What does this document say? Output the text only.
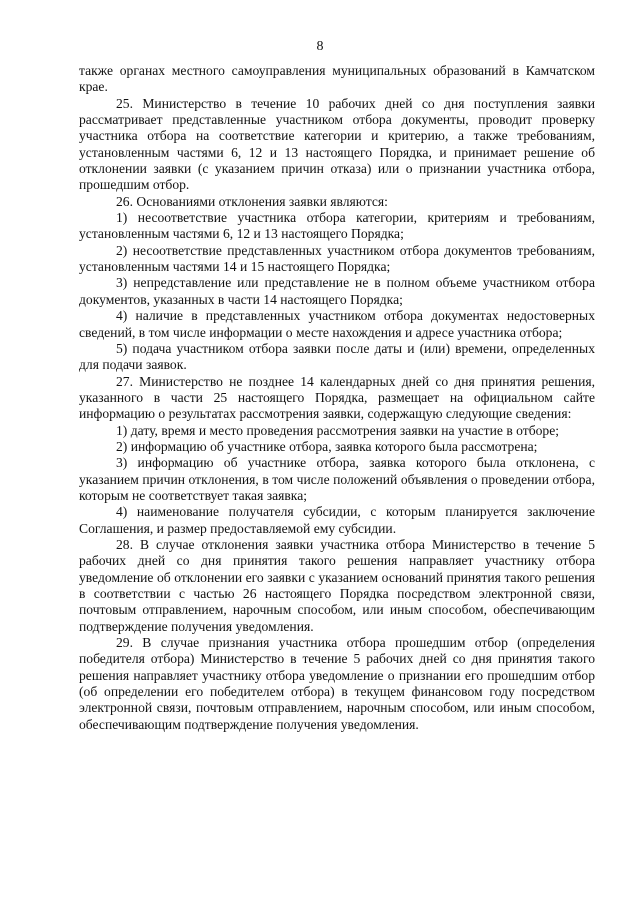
8

также органах местного самоуправления муниципальных образований в Камчатском крае.

25. Министерство в течение 10 рабочих дней со дня поступления заявки рассматривает представленные участником отбора документы, проводит проверку участника отбора на соответствие категории и критерию, а также требованиям, установленным частями 6, 12 и 13 настоящего Порядка, и принимает решение об отклонении заявки (с указанием причин отказа) или о признании участника отбора, прошедшим отбор.

26. Основаниями отклонения заявки являются:

1) несоответствие участника отбора категории, критериям и требованиям, установленным частями 6, 12 и 13 настоящего Порядка;

2) несоответствие представленных участником отбора документов требованиям, установленным частями 14 и 15 настоящего Порядка;

3) непредставление или представление не в полном объеме участником отбора документов, указанных в части 14 настоящего Порядка;

4) наличие в представленных участником отбора документах недостоверных сведений, в том числе информации о месте нахождения и адресе участника отбора;

5) подача участником отбора заявки после даты и (или) времени, определенных для подачи заявок.

27. Министерство не позднее 14 календарных дней со дня принятия решения, указанного в части 25 настоящего Порядка, размещает на официальном сайте информацию о результатах рассмотрения заявки, содержащую следующие сведения:

1) дату, время и место проведения рассмотрения заявки на участие в отборе;

2) информацию об участнике отбора, заявка которого была рассмотрена;

3) информацию об участнике отбора, заявка которого была отклонена, с указанием причин отклонения, в том числе положений объявления о проведении отбора, которым не соответствует такая заявка;

4) наименование получателя субсидии, с которым планируется заключение Соглашения, и размер предоставляемой ему субсидии.

28. В случае отклонения заявки участника отбора Министерство в течение 5 рабочих дней со дня принятия такого решения направляет участнику отбора уведомление об отклонении его заявки с указанием оснований принятия такого решения в соответствии с частью 26 настоящего Порядка посредством электронной связи, почтовым отправлением, нарочным способом, или иным способом, обеспечивающим подтверждение получения уведомления.

29. В случае признания участника отбора прошедшим отбор (определения победителя отбора) Министерство в течение 5 рабочих дней со дня принятия такого решения направляет участнику отбора уведомление о признании его прошедшим отбор (об определении его победителем отбора) в текущем финансовом году посредством электронной связи, почтовым отправлением, нарочным способом, или иным способом, обеспечивающим подтверждение получения уведомления.
